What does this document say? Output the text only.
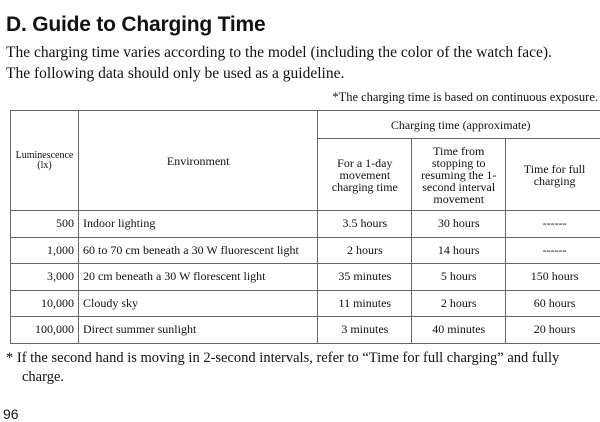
D. Guide to Charging Time
The charging time varies according to the model (including the color of the watch face).
The following data should only be used as a guideline.
*The charging time is based on continuous exposure.
Luminescence
(lx)	Environment	Charging time (approximate)		
		For a 1-day movement charging time	Time from stopping to resuming the 1-second interval movement	Time for full charging
500	Indoor lighting	3.5 hours	30 hours	------
1,000	60 to 70 cm beneath a 30 W fluorescent light	2 hours	14 hours	------
3,000	20 cm beneath a 30 W florescent light	35 minutes	5 hours	150 hours
10,000	Cloudy sky	11 minutes	2 hours	60 hours
100,000	Direct summer sunlight	3 minutes	40 minutes	20 hours
* If the second hand is moving in 2-second intervals, refer to “Time for full charging” and fully
charge.
96
